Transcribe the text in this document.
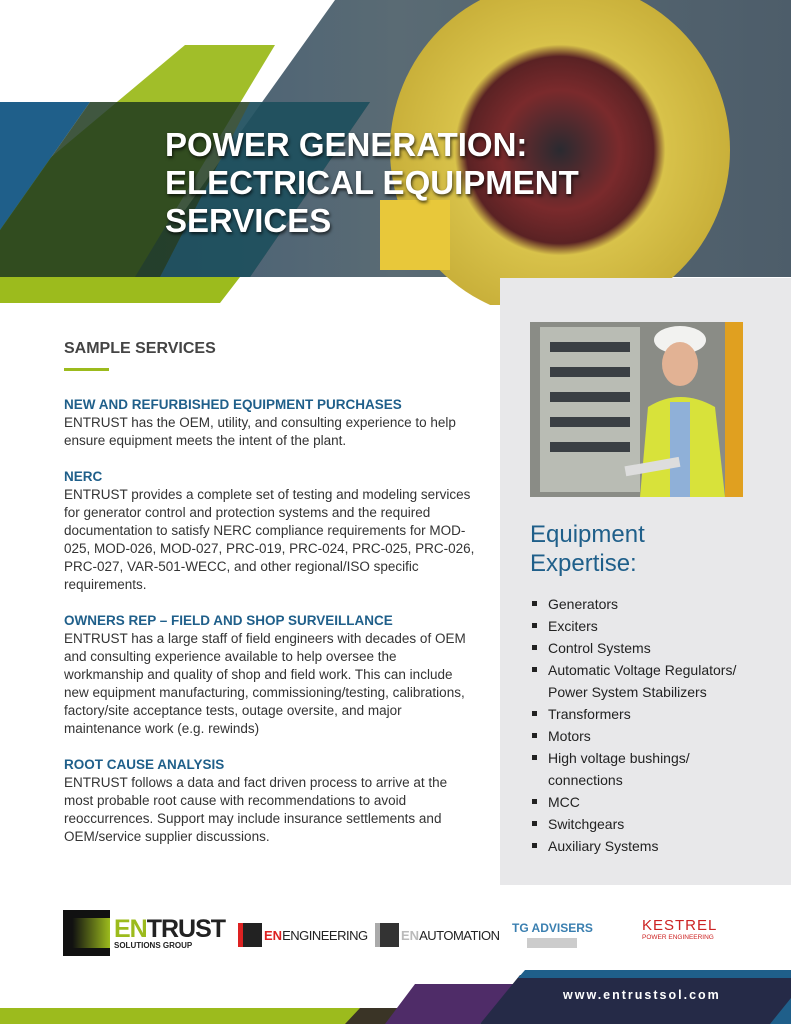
POWER GENERATION:
ELECTRICAL EQUIPMENT
SERVICES
Equipment
Expertise:
Generators
Exciters
Control Systems
Automatic Voltage Regulators/
Power System Stabilizers
Transformers
Motors
High voltage bushings/
connections
MCC
Switchgears
Auxiliary Systems
SAMPLE SERVICES
NEW AND REFURBISHED EQUIPMENT PURCHASES

ENTRUST has the OEM, utility, and consulting experience to help ensure equipment meets the intent of the plant.

NERC

ENTRUST provides a complete set of testing and modeling services for generator control and protection systems and the required documentation to satisfy NERC compliance requirements for MOD-025, MOD-026, MOD-027, PRC-019, PRC-024, PRC-025, PRC-026, PRC-027, VAR-501-WECC, and other regional/ISO specific requirements.

OWNERS REP – FIELD AND SHOP SURVEILLANCE

ENTRUST has a large staff of field engineers with decades of OEM and consulting experience available to help oversee the workmanship and quality of shop and field work. This can include new equipment manufacturing, commissioning/testing, calibrations, factory/site acceptance tests, outage oversite, and major maintenance work (e.g. rewinds)

ROOT CAUSE ANALYSIS

ENTRUST follows a data and fact driven process to arrive at the most probable root cause with recommendations to avoid reoccurrences. Support may include insurance settlements and OEM/service supplier discussions.

ENTRUST
SOLUTIONS GROUP
EN ENGINEERING	EN AUTOMATION TG ADVISERS	KESTREL
POWER ENGINEERING
www.entrustsol.com
